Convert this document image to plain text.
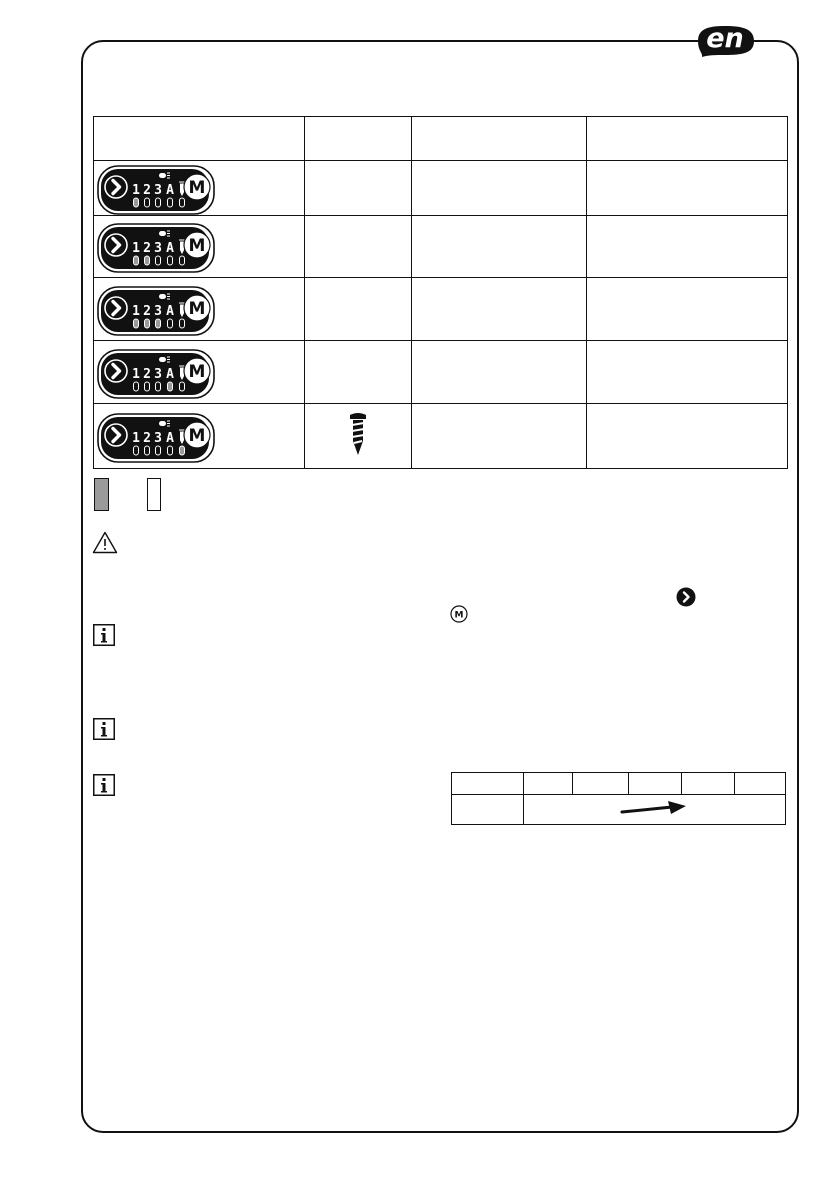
en

1 2 3 A M			

1 2 3 A M			

1 2 3 A M			

1 2 3 A M			

1 2 3 A M

M
